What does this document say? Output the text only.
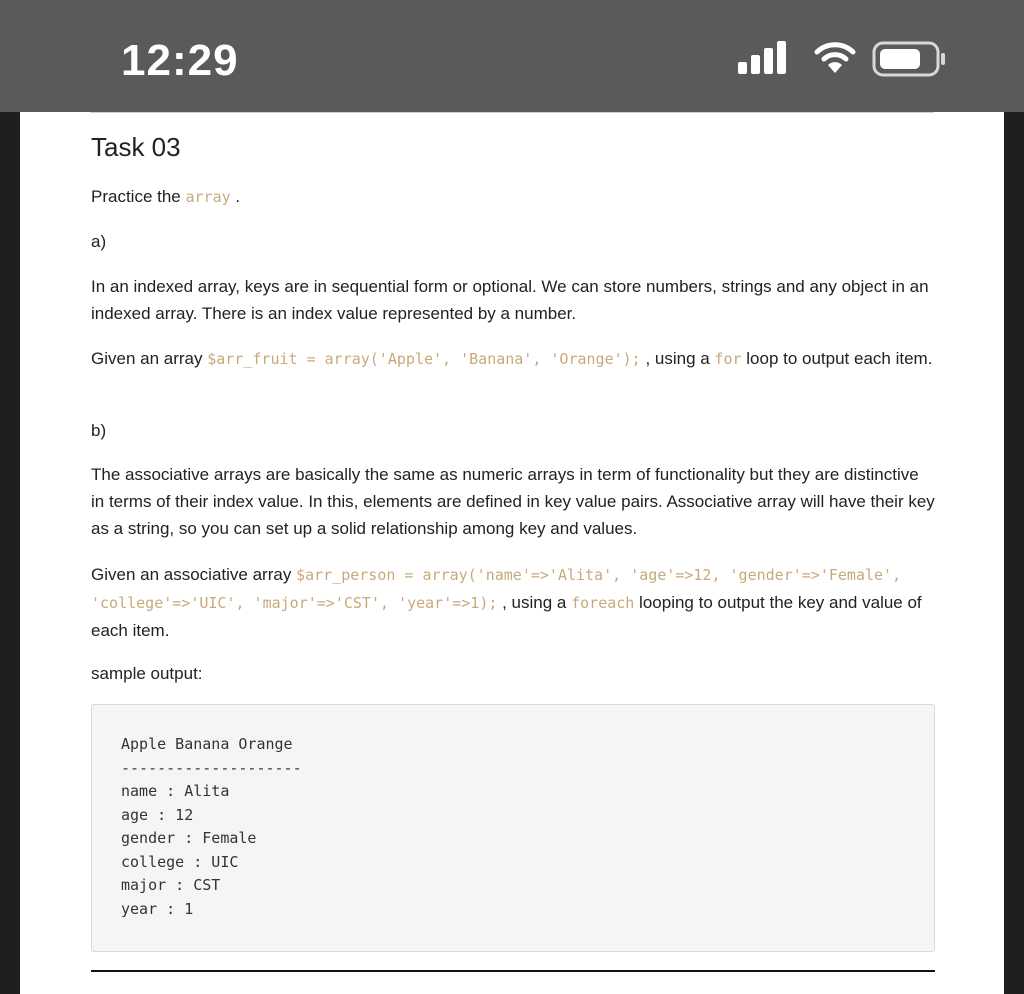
12:29
Task 03

Practice the array .

a)

In an indexed array, keys are in sequential form or optional. We can store numbers, strings and any object in an indexed array. There is an index value represented by a number.

Given an array $arr_fruit = array('Apple', 'Banana', 'Orange'); , using a for loop to output each item.

b)

The associative arrays are basically the same as numeric arrays in term of functionality but they are distinctive in terms of their index value. In this, elements are defined in key value pairs. Associative array will have their key as a string, so you can set up a solid relationship among key and values.

Given an associative array $arr_person = array('name'=>'Alita', 'age'=>12, 'gender'=>'Female', 'college'=>'UIC', 'major'=>'CST', 'year'=>1); , using a foreach looping to output the key and value of each item.

sample output:

Apple Banana Orange
--------------------
name : Alita
age : 12
gender : Female
college : UIC
major : CST
year : 1
